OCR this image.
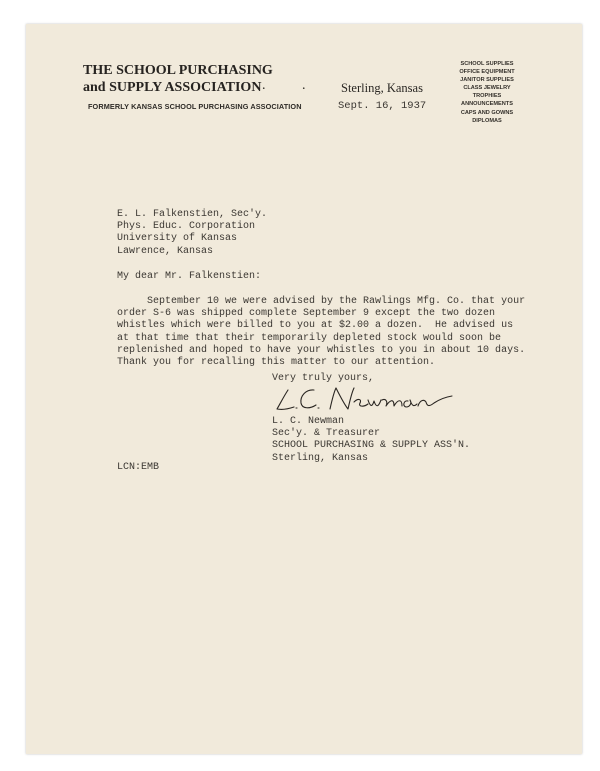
THE SCHOOL PURCHASING
and SUPPLY ASSOCIATION
FORMERLY KANSAS SCHOOL PURCHASING ASSOCIATION
.	.	Sterling, Kansas
Sept. 16, 1937
SCHOOL SUPPLIES
OFFICE EQUIPMENT
JANITOR SUPPLIES
CLASS JEWELRY
TROPHIES
ANNOUNCEMENTS
CAPS AND GOWNS
DIPLOMAS
E. L. Falkenstien, Sec'y.
Phys. Educ. Corporation
University of Kansas
Lawrence, Kansas
My dear Mr. Falkenstien:
September 10 we were advised by the Rawlings Mfg. Co. that your
order S-6 was shipped complete September 9 except the two dozen
whistles which were billed to you at $2.00 a dozen.  He advised us
at that time that their temporarily depleted stock would soon be
replenished and hoped to have your whistles to you in about 10 days.
Thank you for recalling this matter to our attention.
Very truly yours,
L. C. Newman
Sec'y. & Treasurer
SCHOOL PURCHASING & SUPPLY ASS'N.
Sterling, Kansas
LCN:EMB
